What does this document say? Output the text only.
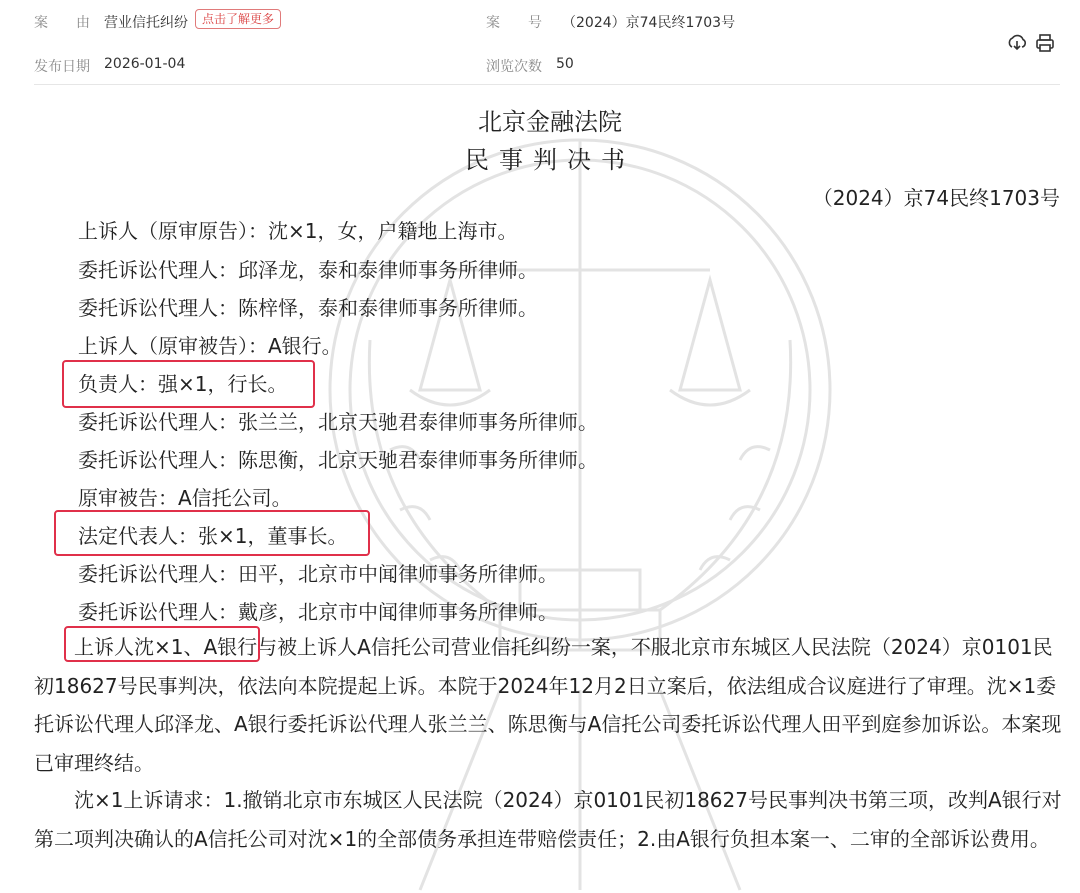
案　　由 营业信托纠纷	点击了解更多	案　　号 （2024）京74民终1703号
发布日期 2026-01-04	浏览次数 50
北京金融法院
民事判决书
（2024）京74民终1703号
上诉人（原审原告）：沈×1，女，户籍地上海市。
委托诉讼代理人：邱泽龙，泰和泰律师事务所律师。
委托诉讼代理人：陈梓怿，泰和泰律师事务所律师。
上诉人（原审被告）：A银行。
负责人：强×1，行长。
委托诉讼代理人：张兰兰，北京天驰君泰律师事务所律师。
委托诉讼代理人：陈思衡，北京天驰君泰律师事务所律师。
原审被告：A信托公司。
法定代表人：张×1，董事长。
委托诉讼代理人：田平，北京市中闻律师事务所律师。
委托诉讼代理人：戴彦，北京市中闻律师事务所律师。
上诉人沈×1、A银行与被上诉人A信托公司营业信托纠纷一案，不服北京市东城区人民法院（2024）京0101民初18627号民事判决，依法向本院提起上诉。本院于2024年12月2日立案后，依法组成合议庭进行了审理。沈×1委托诉讼代理人邱泽龙、A银行委托诉讼代理人张兰兰、陈思衡与A信托公司委托诉讼代理人田平到庭参加诉讼。本案现已审理终结。
沈×1上诉请求：1.撤销北京市东城区人民法院（2024）京0101民初18627号民事判决书第三项，改判A银行对第二项判决确认的A信托公司对沈×1的全部债务承担连带赔偿责任；2.由A银行负担本案一、二审的全部诉讼费用。
